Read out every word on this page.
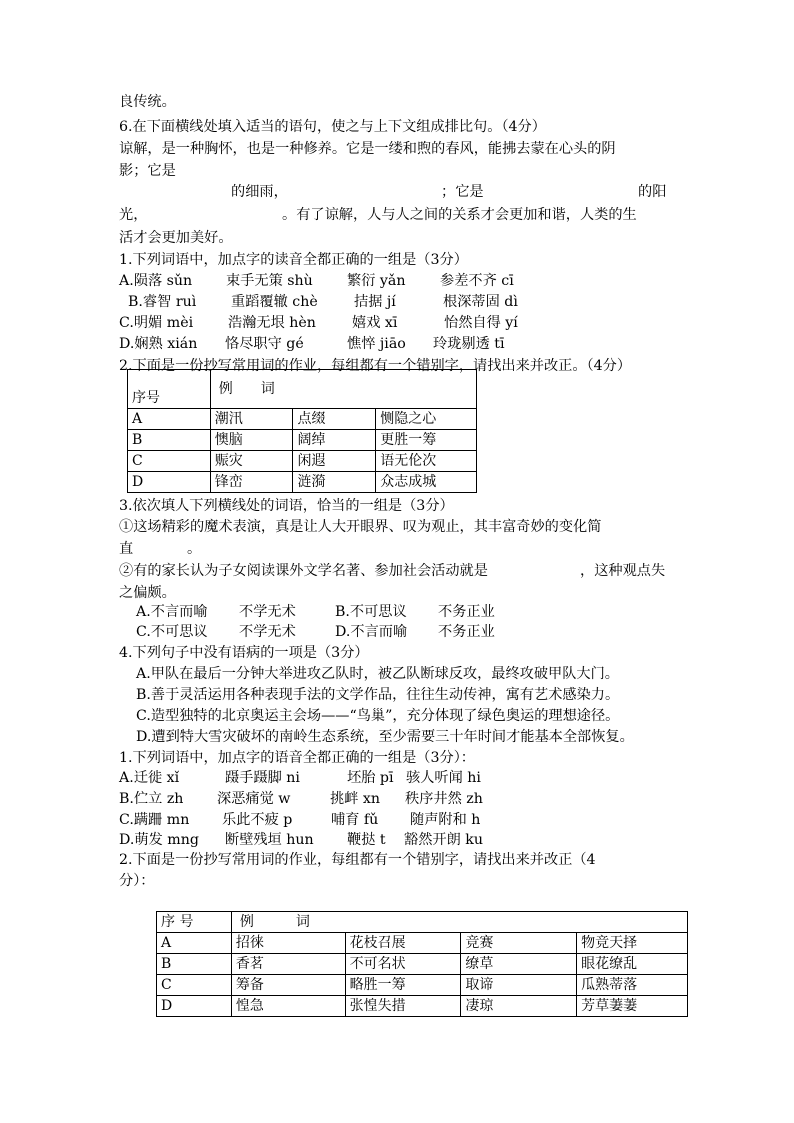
良传统。
6.在下面横线处填入适当的语句，使之与上下文组成排比句。（4分）
谅解，是一种胸怀，也是一种修养。它是一缕和煦的春风，能拂去蒙在心头的阴
影；它是
的细雨，	；它是	的阳
光，	。有了谅解，人与人之间的关系才会更加和谐，人类的生
活才会更加美好。
1.下列词语中，加点字的读音全都正确的一组是（3分）
A.陨落 sǔn 束手无策 shù 繁衍 yǎn 参差不齐 cī
B.睿智 ruì 重蹈覆辙 chè	拮据 jí	根深蒂固 dì
C.明媚 mèi 浩瀚无垠 hèn	嬉戏 xī	怡然自得 yí
D.娴熟 xián 恪尽职守 gé	憔悴 jiāo 玲珑剔透 tī
2.下面是一份抄写常用词的作业，每组都有一个错别字，请找出来并改正。（4分）
序号	例　　词		
A	潮汛	点缀	恻隐之心
B	懊脑	阔绰	更胜一筹
C	赈灾	闲遐	语无伦次
D	锋峦	涟漪	众志成城
3.依次填人下列横线处的词语，恰当的一组是（3分）
①这场精彩的魔术表演，真是让人大开眼界、叹为观止，其丰富奇妙的变化简
直	。
②有的家长认为子女阅读课外文学名著、参加社会活动就是	，这种观点失
之偏颇。
A.不言而喻 不学无术	B.不可思议 不务正业
C.不可思议 不学无术	D.不言而喻 不务正业
4.下列句子中没有语病的一项是（3分）
A.甲队在最后一分钟大举进攻乙队时，被乙队断球反攻，最终攻破甲队大门。
B.善于灵活运用各种表现手法的文学作品，往往生动传神，寓有艺术感染力。
C.造型独特的北京奥运主会场——“鸟巢”，充分体现了绿色奥运的理想途径。
D.遭到特大雪灾破坏的南岭生态系统，至少需要三十年时间才能基本全部恢复。
1.下列词语中，加点字的语音全都正确的一组是（3分）：
A.迁徙 xǐ	蹑手蹑脚 ni	坯胎 pī 骇人听闻 hi
B.伫立 zh 深恶痛觉 w	挑衅 xn 秩序井然 zh
C.蹒跚 mn 乐此不疲 p	哺育 fǔ 随声附和 h
D.萌发 mng 断壁残垣 hun 鞭挞 t 豁然开朗 ku
2.下面是一份抄写常用词的作业，每组都有一个错别字，请找出来并改正（4
分）：
序 号	例　　　词			
A	招徕	花枝召展	竞赛	物竞天择
B	香茗	不可名状	缭草	眼花缭乱
C	筹备	略胜一筹	取谛	瓜熟蒂落
D	惶急	张惶失措	凄琼	芳草萋萋
